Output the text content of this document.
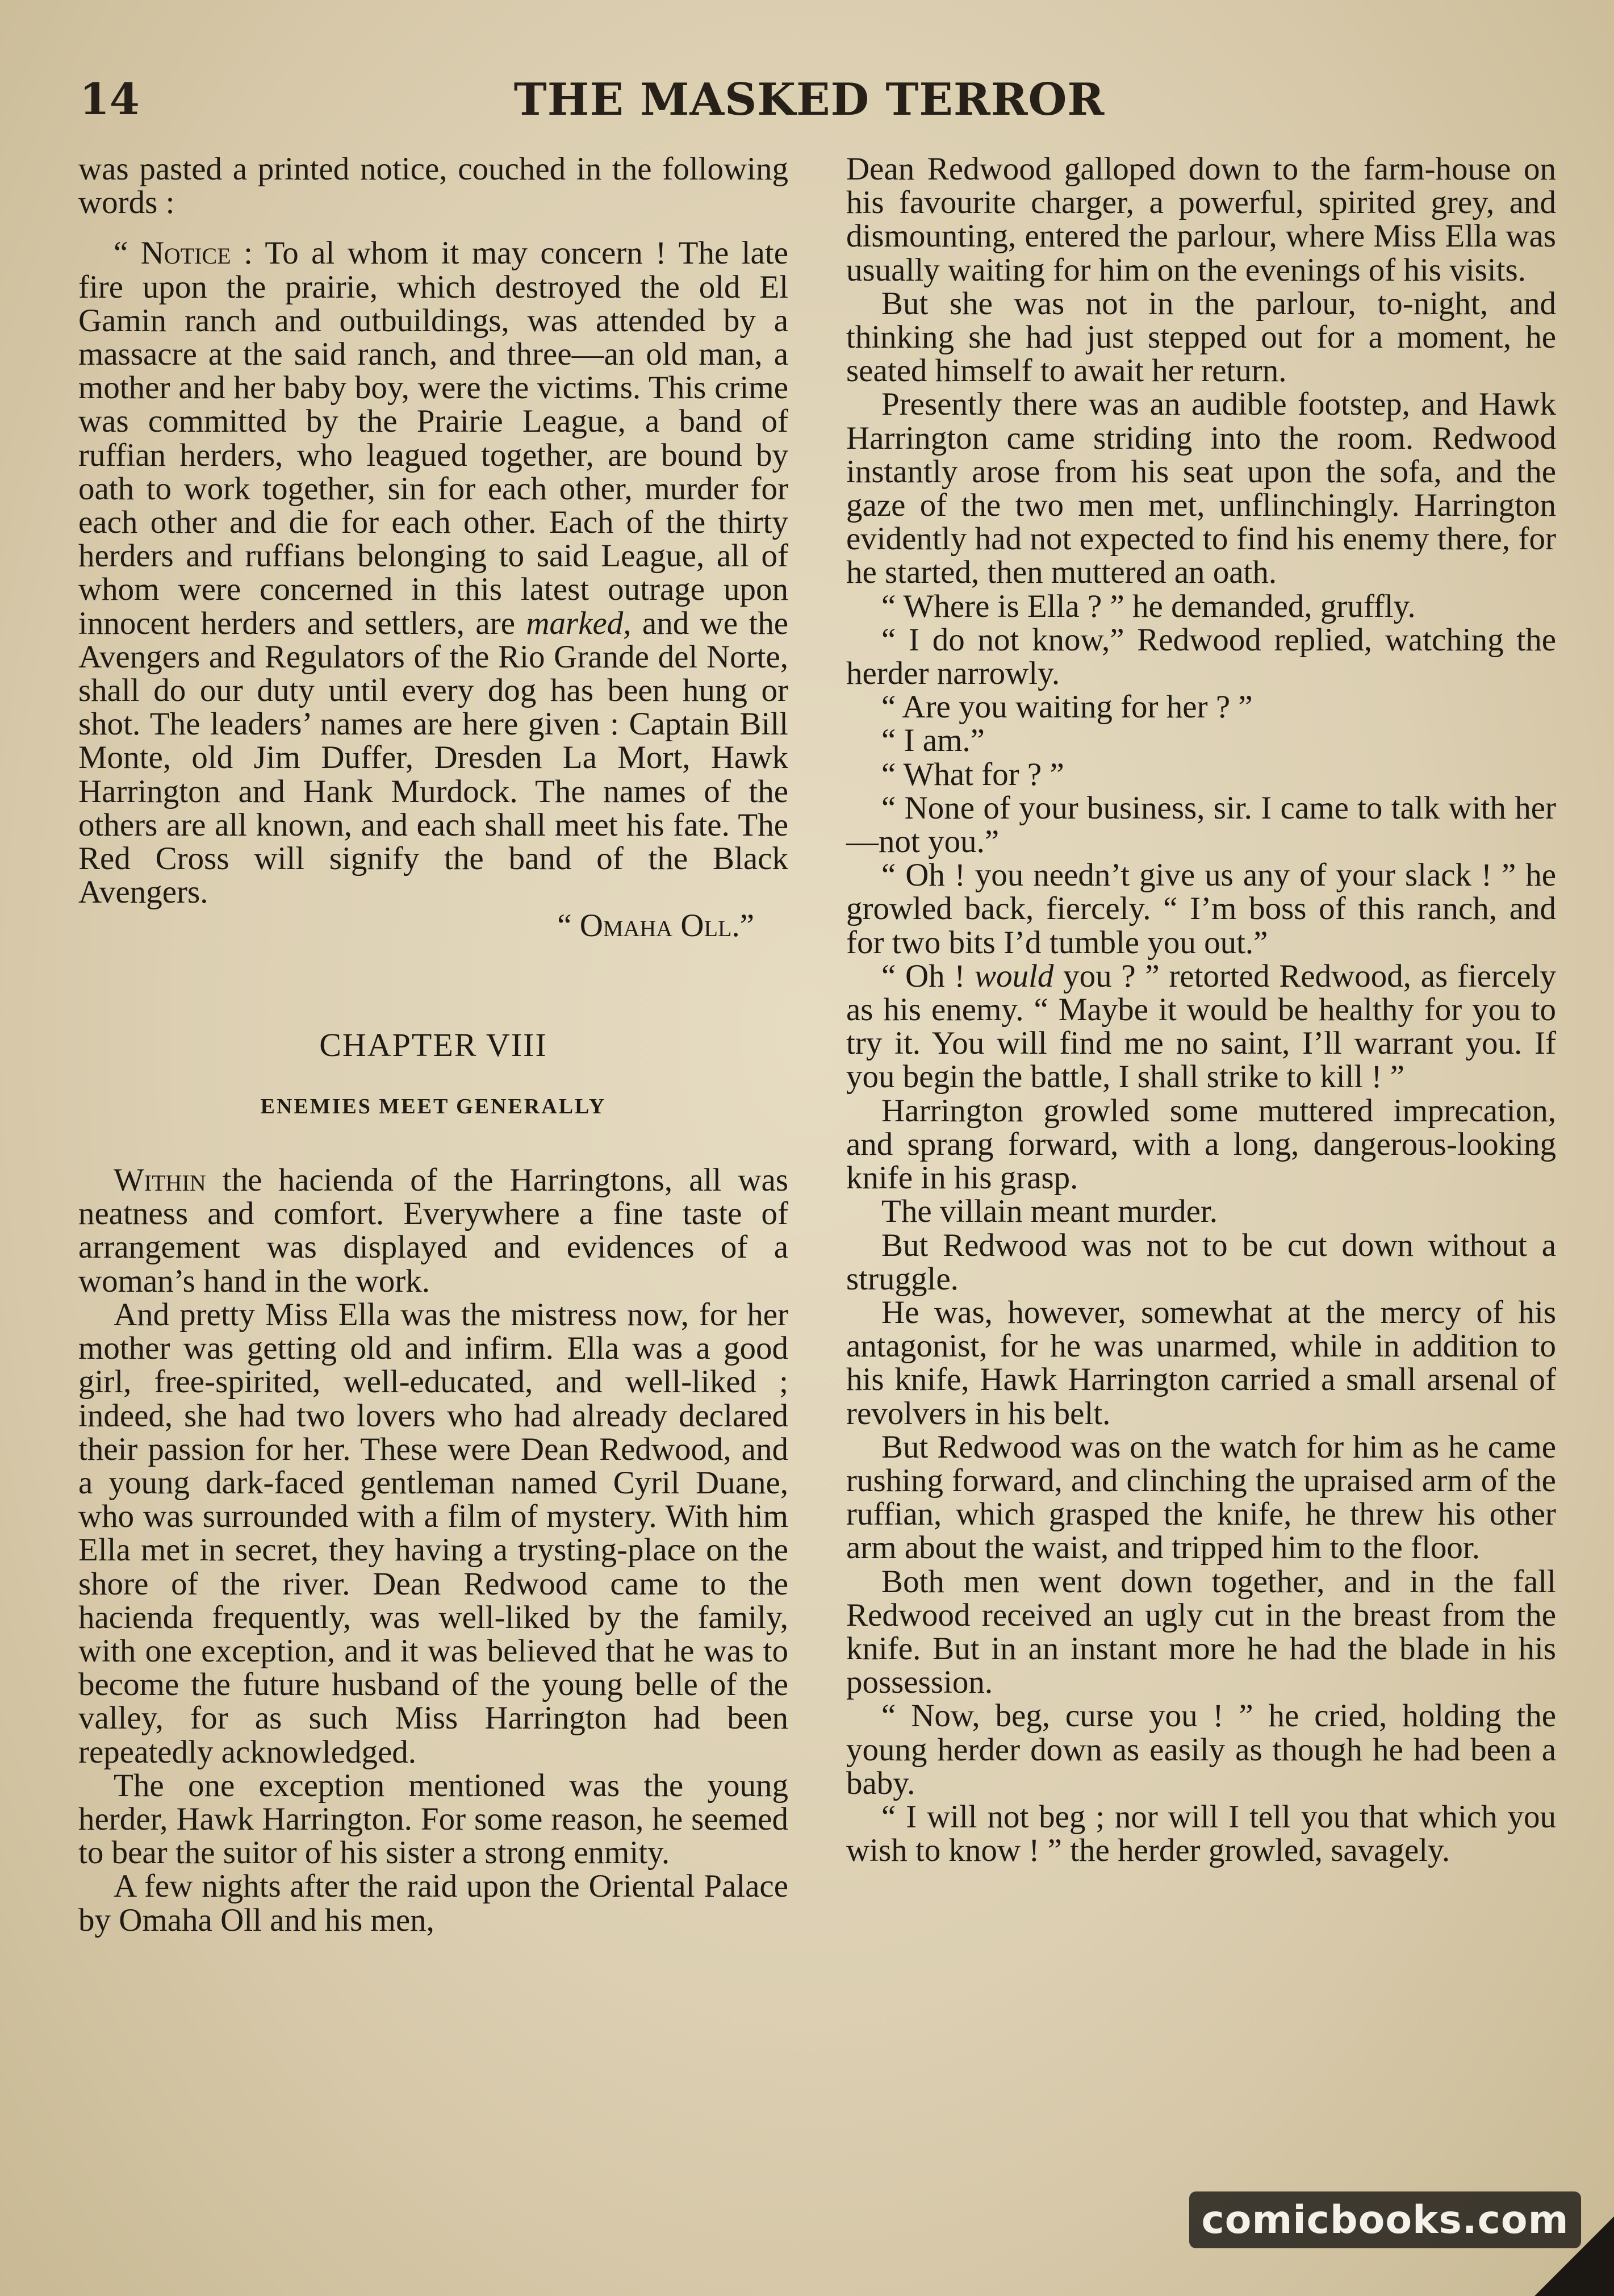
14	THE MASKED TERROR

was pasted a printed notice, couched in the following words :

“ Notice : To al whom it may concern ! The late fire upon the prairie, which destroyed the old El Gamin ranch and outbuildings, was attended by a massacre at the said ranch, and three—an old man, a mother and her baby boy, were the victims. This crime was committed by the Prairie League, a band of ruffian herders, who leagued together, are bound by oath to work together, sin for each other, murder for each other and die for each other. Each of the thirty herders and ruffians belonging to said League, all of whom were concerned in this latest outrage upon innocent herders and settlers, are marked, and we the Avengers and Regulators of the Rio Grande del Norte, shall do our duty until every dog has been hung or shot. The leaders’ names are here given : Captain Bill Monte, old Jim Duffer, Dresden La Mort, Hawk Harrington and Hank Murdock. The names of the others are all known, and each shall meet his fate. The Red Cross will signify the band of the Black Avengers.

“ Omaha Oll.”

CHAPTER VIII
ENEMIES MEET GENERALLY

Within the hacienda of the Harringtons, all was neatness and comfort. Everywhere a fine taste of arrangement was displayed and evidences of a woman’s hand in the work.

And pretty Miss Ella was the mistress now, for her mother was getting old and infirm. Ella was a good girl, free-spirited, well-educated, and well-liked ; indeed, she had two lovers who had already declared their passion for her. These were Dean Redwood, and a young dark-faced gentleman named Cyril Duane, who was surrounded with a film of mystery. With him Ella met in secret, they having a trysting-place on the shore of the river. Dean Redwood came to the hacienda frequently, was well-liked by the family, with one exception, and it was believed that he was to become the future husband of the young belle of the valley, for as such Miss Harrington had been repeatedly acknowledged.

The one exception mentioned was the young herder, Hawk Harrington. For some reason, he seemed to bear the suitor of his sister a strong enmity.

A few nights after the raid upon the Oriental Palace by Omaha Oll and his men,

Dean Redwood galloped down to the farm-house on his favourite charger, a powerful, spirited grey, and dismounting, entered the parlour, where Miss Ella was usually waiting for him on the evenings of his visits.

But she was not in the parlour, to-night, and thinking she had just stepped out for a moment, he seated himself to await her return.

Presently there was an audible footstep, and Hawk Harrington came striding into the room. Redwood instantly arose from his seat upon the sofa, and the gaze of the two men met, unflinchingly. Harrington evidently had not expected to find his enemy there, for he started, then muttered an oath.

“ Where is Ella ? ” he demanded, gruffly.

“ I do not know,” Redwood replied, watching the herder narrowly.

“ Are you waiting for her ? ”

“ I am.”

“ What for ? ”

“ None of your business, sir. I came to talk with her—not you.”

“ Oh ! you needn’t give us any of your slack ! ” he growled back, fiercely. “ I’m boss of this ranch, and for two bits I’d tumble you out.”

“ Oh ! would you ? ” retorted Redwood, as fiercely as his enemy. “ Maybe it would be healthy for you to try it. You will find me no saint, I’ll warrant you. If you begin the battle, I shall strike to kill ! ”

Harrington growled some muttered imprecation, and sprang forward, with a long, dangerous-looking knife in his grasp.

The villain meant murder.

But Redwood was not to be cut down without a struggle.

He was, however, somewhat at the mercy of his antagonist, for he was unarmed, while in addition to his knife, Hawk Harrington carried a small arsenal of revolvers in his belt.

But Redwood was on the watch for him as he came rushing forward, and clinching the upraised arm of the ruffian, which grasped the knife, he threw his other arm about the waist, and tripped him to the floor.

Both men went down together, and in the fall Redwood received an ugly cut in the breast from the knife. But in an instant more he had the blade in his possession.

“ Now, beg, curse you ! ” he cried, holding the young herder down as easily as though he had been a baby.

“ I will not beg ; nor will I tell you that which you wish to know ! ” the herder growled, savagely.

comicbooks.com
